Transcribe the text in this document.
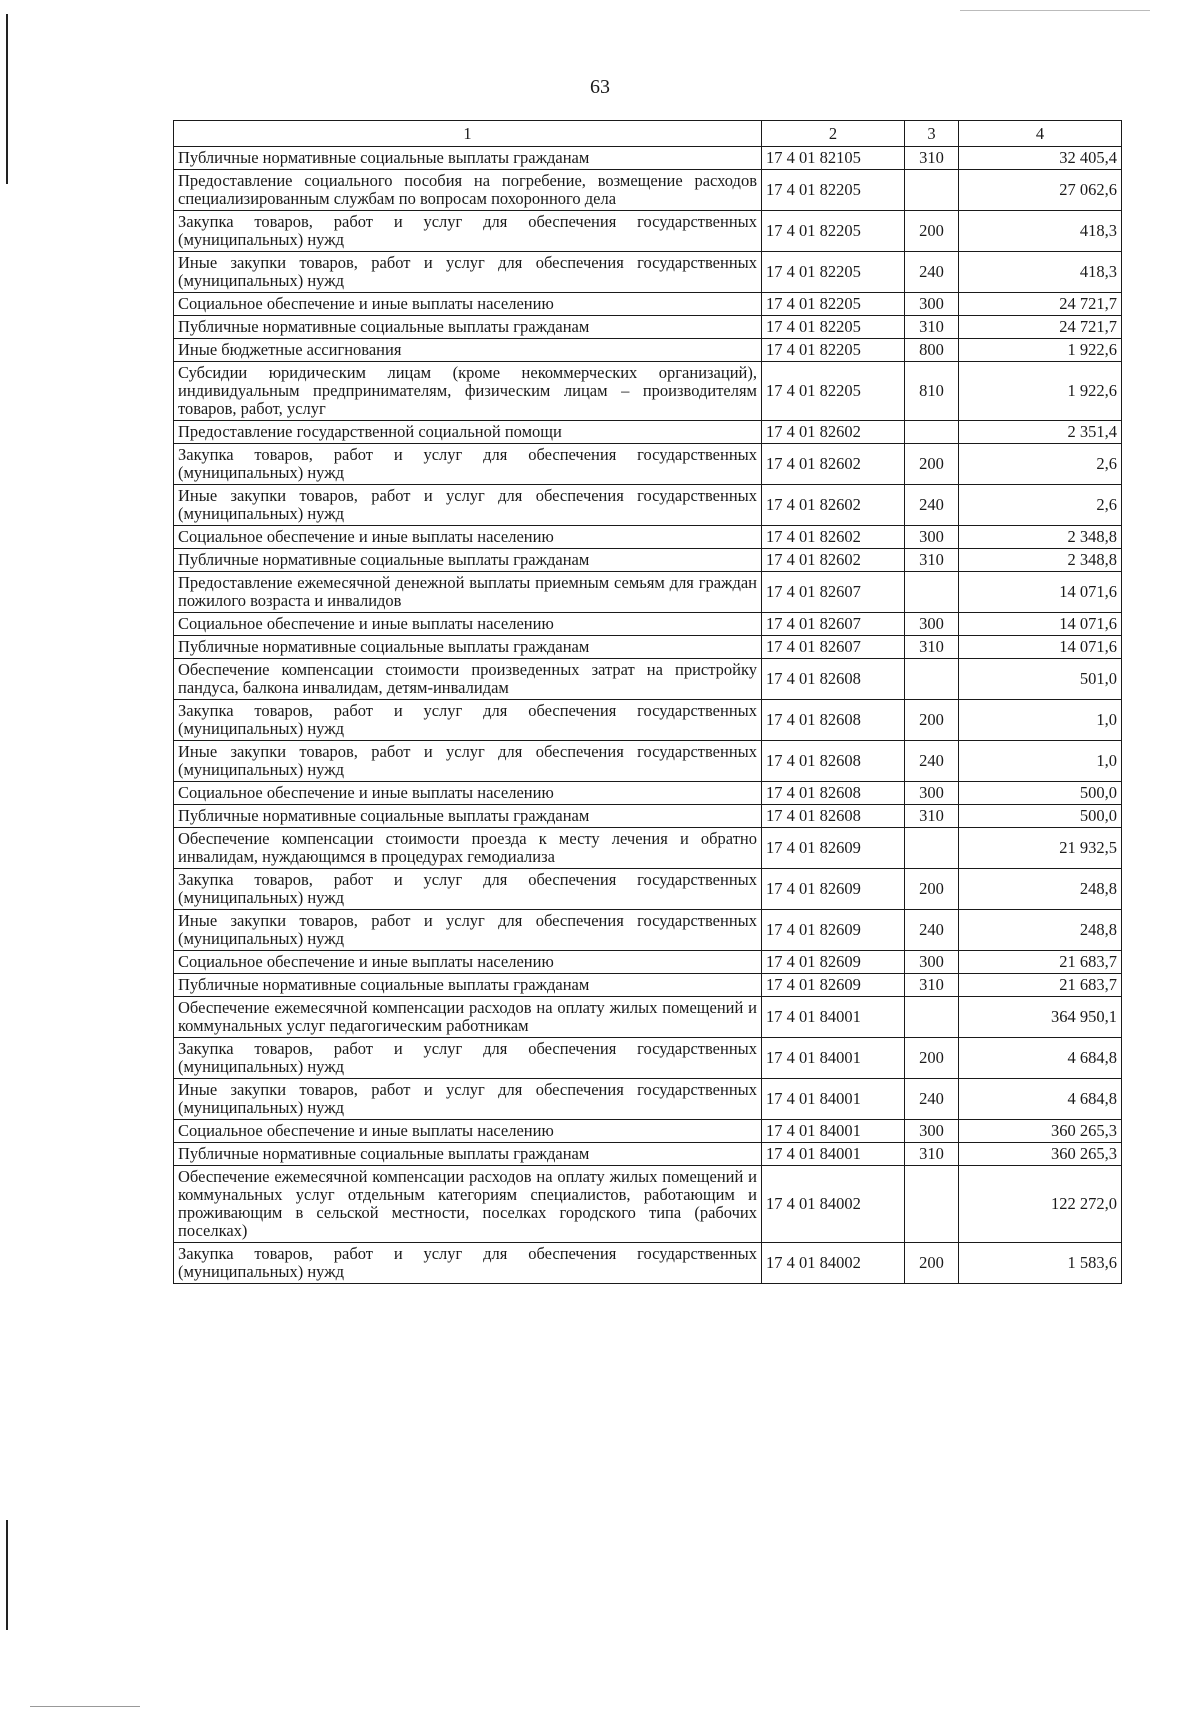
63
1	2	3	4
Публичные нормативные социальные выплаты гражданам	17 4 01 82105	310	32 405,4
Предоставление социального пособия на погребение, возмещение расходов специализированным службам по вопросам похоронного дела	17 4 01 82205		27 062,6
Закупка товаров, работ и услуг для обеспечения государственных (муниципальных) нужд	17 4 01 82205	200	418,3
Иные закупки товаров, работ и услуг для обеспечения государственных (муниципальных) нужд	17 4 01 82205	240	418,3
Социальное обеспечение и иные выплаты населению	17 4 01 82205	300	24 721,7
Публичные нормативные социальные выплаты гражданам	17 4 01 82205	310	24 721,7
Иные бюджетные ассигнования	17 4 01 82205	800	1 922,6
Субсидии юридическим лицам (кроме некоммерческих организаций), индивидуальным предпринимателям, физическим лицам – производителям товаров, работ, услуг	17 4 01 82205	810	1 922,6
Предоставление государственной социальной помощи	17 4 01 82602		2 351,4
Закупка товаров, работ и услуг для обеспечения государственных (муниципальных) нужд	17 4 01 82602	200	2,6
Иные закупки товаров, работ и услуг для обеспечения государственных (муниципальных) нужд	17 4 01 82602	240	2,6
Социальное обеспечение и иные выплаты населению	17 4 01 82602	300	2 348,8
Публичные нормативные социальные выплаты гражданам	17 4 01 82602	310	2 348,8
Предоставление ежемесячной денежной выплаты приемным семьям для граждан пожилого возраста и инвалидов	17 4 01 82607		14 071,6
Социальное обеспечение и иные выплаты населению	17 4 01 82607	300	14 071,6
Публичные нормативные социальные выплаты гражданам	17 4 01 82607	310	14 071,6
Обеспечение компенсации стоимости произведенных затрат на пристройку пандуса, балкона инвалидам, детям-инвалидам	17 4 01 82608		501,0
Закупка товаров, работ и услуг для обеспечения государственных (муниципальных) нужд	17 4 01 82608	200	1,0
Иные закупки товаров, работ и услуг для обеспечения государственных (муниципальных) нужд	17 4 01 82608	240	1,0
Социальное обеспечение и иные выплаты населению	17 4 01 82608	300	500,0
Публичные нормативные социальные выплаты гражданам	17 4 01 82608	310	500,0
Обеспечение компенсации стоимости проезда к месту лечения и обратно инвалидам, нуждающимся в процедурах гемодиализа	17 4 01 82609		21 932,5
Закупка товаров, работ и услуг для обеспечения государственных (муниципальных) нужд	17 4 01 82609	200	248,8
Иные закупки товаров, работ и услуг для обеспечения государственных (муниципальных) нужд	17 4 01 82609	240	248,8
Социальное обеспечение и иные выплаты населению	17 4 01 82609	300	21 683,7
Публичные нормативные социальные выплаты гражданам	17 4 01 82609	310	21 683,7
Обеспечение ежемесячной компенсации расходов на оплату жилых помещений и коммунальных услуг педагогическим работникам	17 4 01 84001		364 950,1
Закупка товаров, работ и услуг для обеспечения государственных (муниципальных) нужд	17 4 01 84001	200	4 684,8
Иные закупки товаров, работ и услуг для обеспечения государственных (муниципальных) нужд	17 4 01 84001	240	4 684,8
Социальное обеспечение и иные выплаты населению	17 4 01 84001	300	360 265,3
Публичные нормативные социальные выплаты гражданам	17 4 01 84001	310	360 265,3
Обеспечение ежемесячной компенсации расходов на оплату жилых помещений и коммунальных услуг отдельным категориям специалистов, работающим и проживающим в сельской местности, поселках городского типа (рабочих поселках)	17 4 01 84002		122 272,0
Закупка товаров, работ и услуг для обеспечения государственных (муниципальных) нужд	17 4 01 84002	200	1 583,6
